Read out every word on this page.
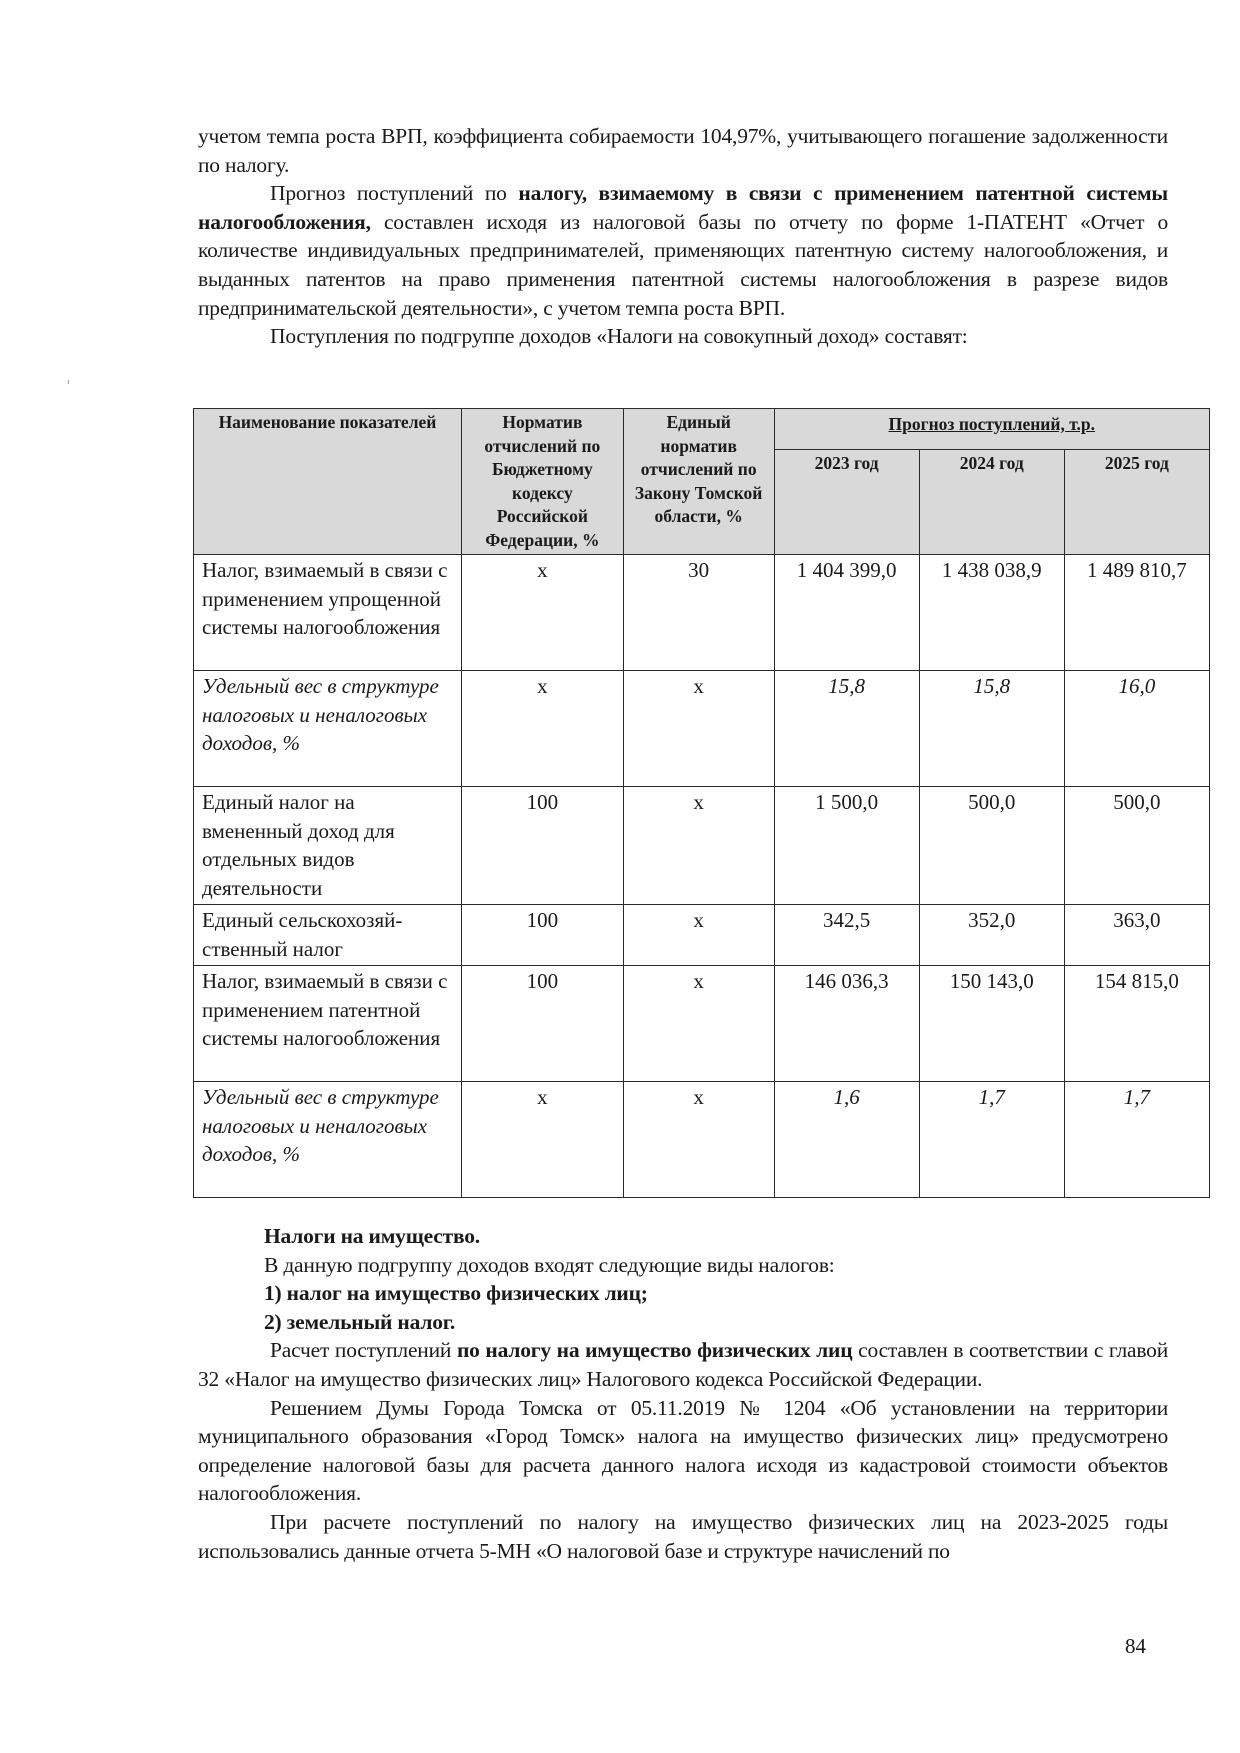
учетом темпа роста ВРП, коэффициента собираемости 104,97%, учитывающего погашение задолженности по налогу.

Прогноз поступлений по налогу, взимаемому в связи с применением патентной системы налогообложения, составлен исходя из налоговой базы по отчету по форме 1-ПАТЕНТ «Отчет о количестве индивидуальных предпринимателей, применяющих патентную систему налогообложения, и выданных патентов на право применения патентной системы налогообложения в разрезе видов предпринимательской деятельности», с учетом темпа роста ВРП.

Поступления по подгруппе доходов «Налоги на совокупный доход» составят:

Наименование показателей	Норматив отчислений по Бюджетному кодексу Российской Федерации, %	Единый норматив отчислений по Закону Томской области, %	Прогноз поступлений, т.р.		
			2023 год	2024 год	2025 год
Налог, взимаемый в связи с применением упрощенной системы налогообложения	х	30	1 404 399,0	1 438 038,9	1 489 810,7
Удельный вес в структуре налоговых и неналоговых доходов, %	х	х	15,8	15,8	16,0
Единый налог на вмененный доход для отдельных видов деятельности	100	х	1 500,0	500,0	500,0
Единый сельскохозяй-ственный налог	100	х	342,5	352,0	363,0
Налог, взимаемый в связи с применением патентной системы налогообложения	100	х	146 036,3	150 143,0	154 815,0
Удельный вес в структуре налоговых и неналоговых доходов, %	х	х	1,6	1,7	1,7

Налоги на имущество.

В данную подгруппу доходов входят следующие виды налогов:

1) налог на имущество физических лиц;

2) земельный налог.

Расчет поступлений по налогу на имущество физических лиц составлен в соответствии с главой 32 «Налог на имущество физических лиц» Налогового кодекса Российской Федерации.

Решением Думы Города Томска от 05.11.2019 № 1204 «Об установлении на территории муниципального образования «Город Томск» налога на имущество физических лиц» предусмотрено определение налоговой базы для расчета данного налога исходя из кадастровой стоимости объектов налогообложения.

При расчете поступлений по налогу на имущество физических лиц на 2023-2025 годы использовались данные отчета 5-МН «О налоговой базе и структуре начислений по

84
